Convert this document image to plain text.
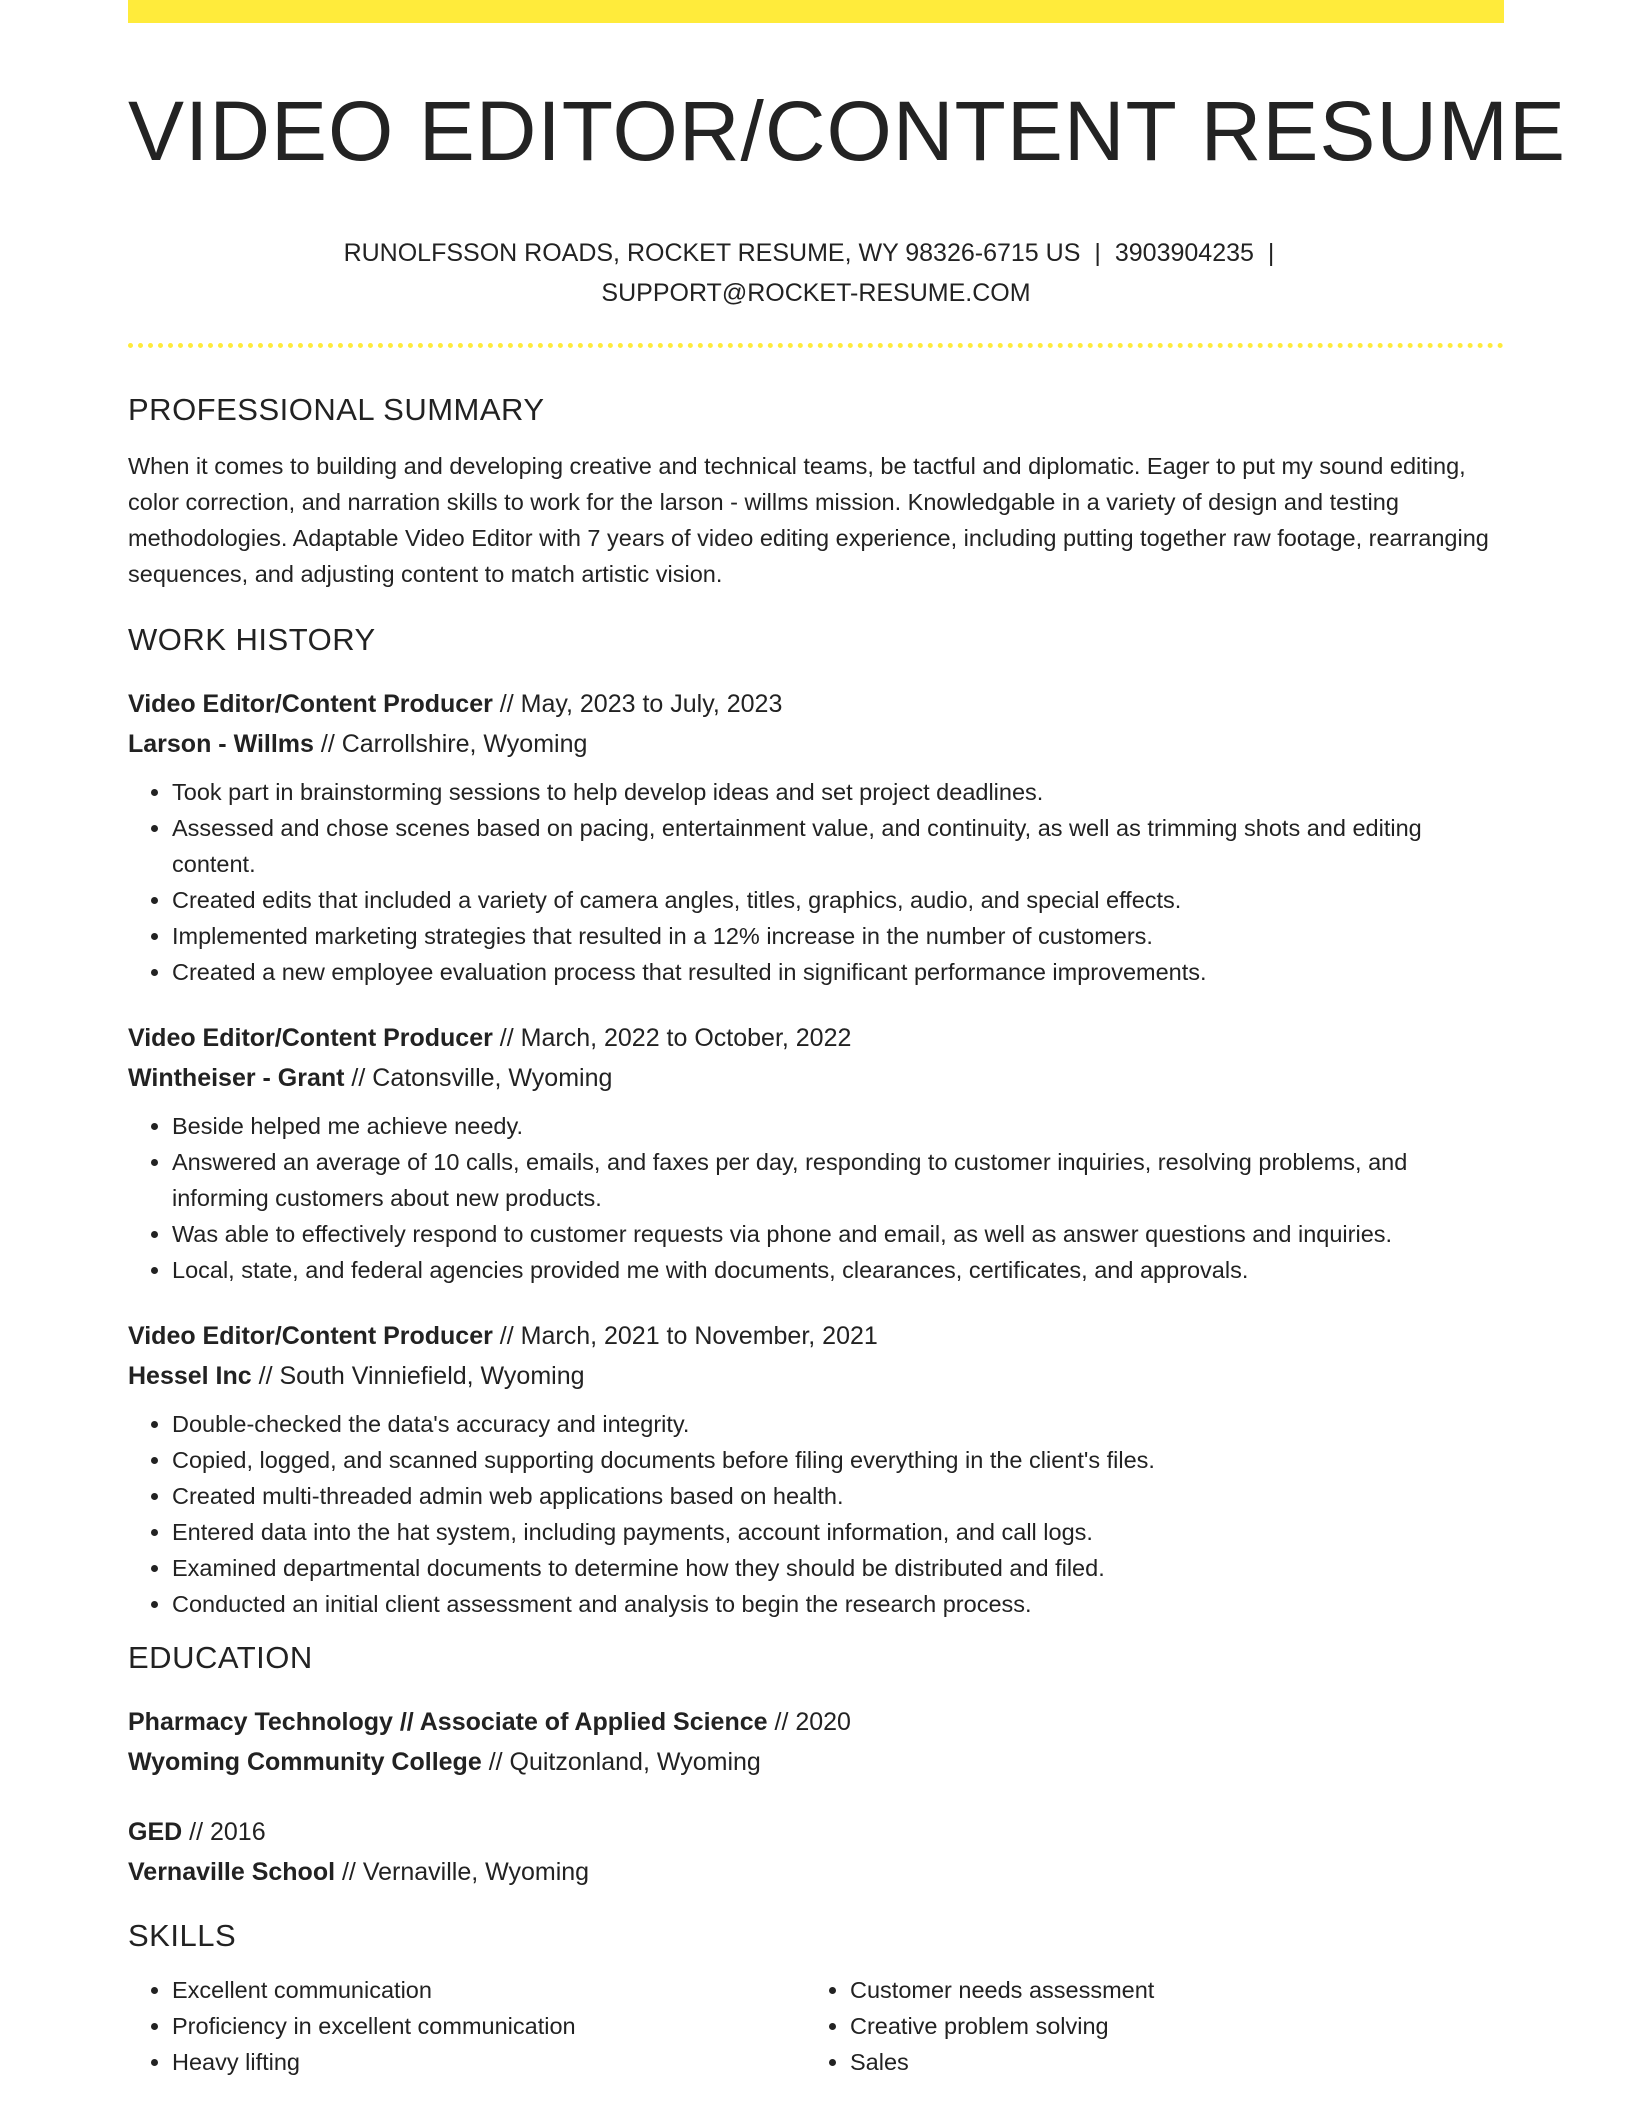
VIDEO EDITOR/CONTENT RESUME
RUNOLFSSON ROADS, ROCKET RESUME, WY 98326-6715 US | 3903904235 |
SUPPORT@ROCKET-RESUME.COM
PROFESSIONAL SUMMARY
When it comes to building and developing creative and technical teams, be tactful and diplomatic. Eager to put my sound editing, color correction, and narration skills to work for the larson - willms mission. Knowledgable in a variety of design and testing methodologies. Adaptable Video Editor with 7 years of video editing experience, including putting together raw footage, rearranging sequences, and adjusting content to match artistic vision.
WORK HISTORY
Video Editor/Content Producer // May, 2023 to July, 2023
Larson - Willms // Carrollshire, Wyoming
• Took part in brainstorming sessions to help develop ideas and set project deadlines.
• Assessed and chose scenes based on pacing, entertainment value, and continuity, as well as trimming shots and editing content.
• Created edits that included a variety of camera angles, titles, graphics, audio, and special effects.
• Implemented marketing strategies that resulted in a 12% increase in the number of customers.
• Created a new employee evaluation process that resulted in significant performance improvements.
Video Editor/Content Producer // March, 2022 to October, 2022
Wintheiser - Grant // Catonsville, Wyoming
• Beside helped me achieve needy.
• Answered an average of 10 calls, emails, and faxes per day, responding to customer inquiries, resolving problems, and informing customers about new products.
• Was able to effectively respond to customer requests via phone and email, as well as answer questions and inquiries.
• Local, state, and federal agencies provided me with documents, clearances, certificates, and approvals.
Video Editor/Content Producer // March, 2021 to November, 2021
Hessel Inc // South Vinniefield, Wyoming
• Double-checked the data's accuracy and integrity.
• Copied, logged, and scanned supporting documents before filing everything in the client's files.
• Created multi-threaded admin web applications based on health.
• Entered data into the hat system, including payments, account information, and call logs.
• Examined departmental documents to determine how they should be distributed and filed.
• Conducted an initial client assessment and analysis to begin the research process.
EDUCATION
Pharmacy Technology // Associate of Applied Science // 2020
Wyoming Community College // Quitzonland, Wyoming
GED // 2016
Vernaville School // Vernaville, Wyoming
SKILLS
• Excellent communication
• Proficiency in excellent communication
• Heavy lifting
• Customer needs assessment
• Creative problem solving
• Sales
